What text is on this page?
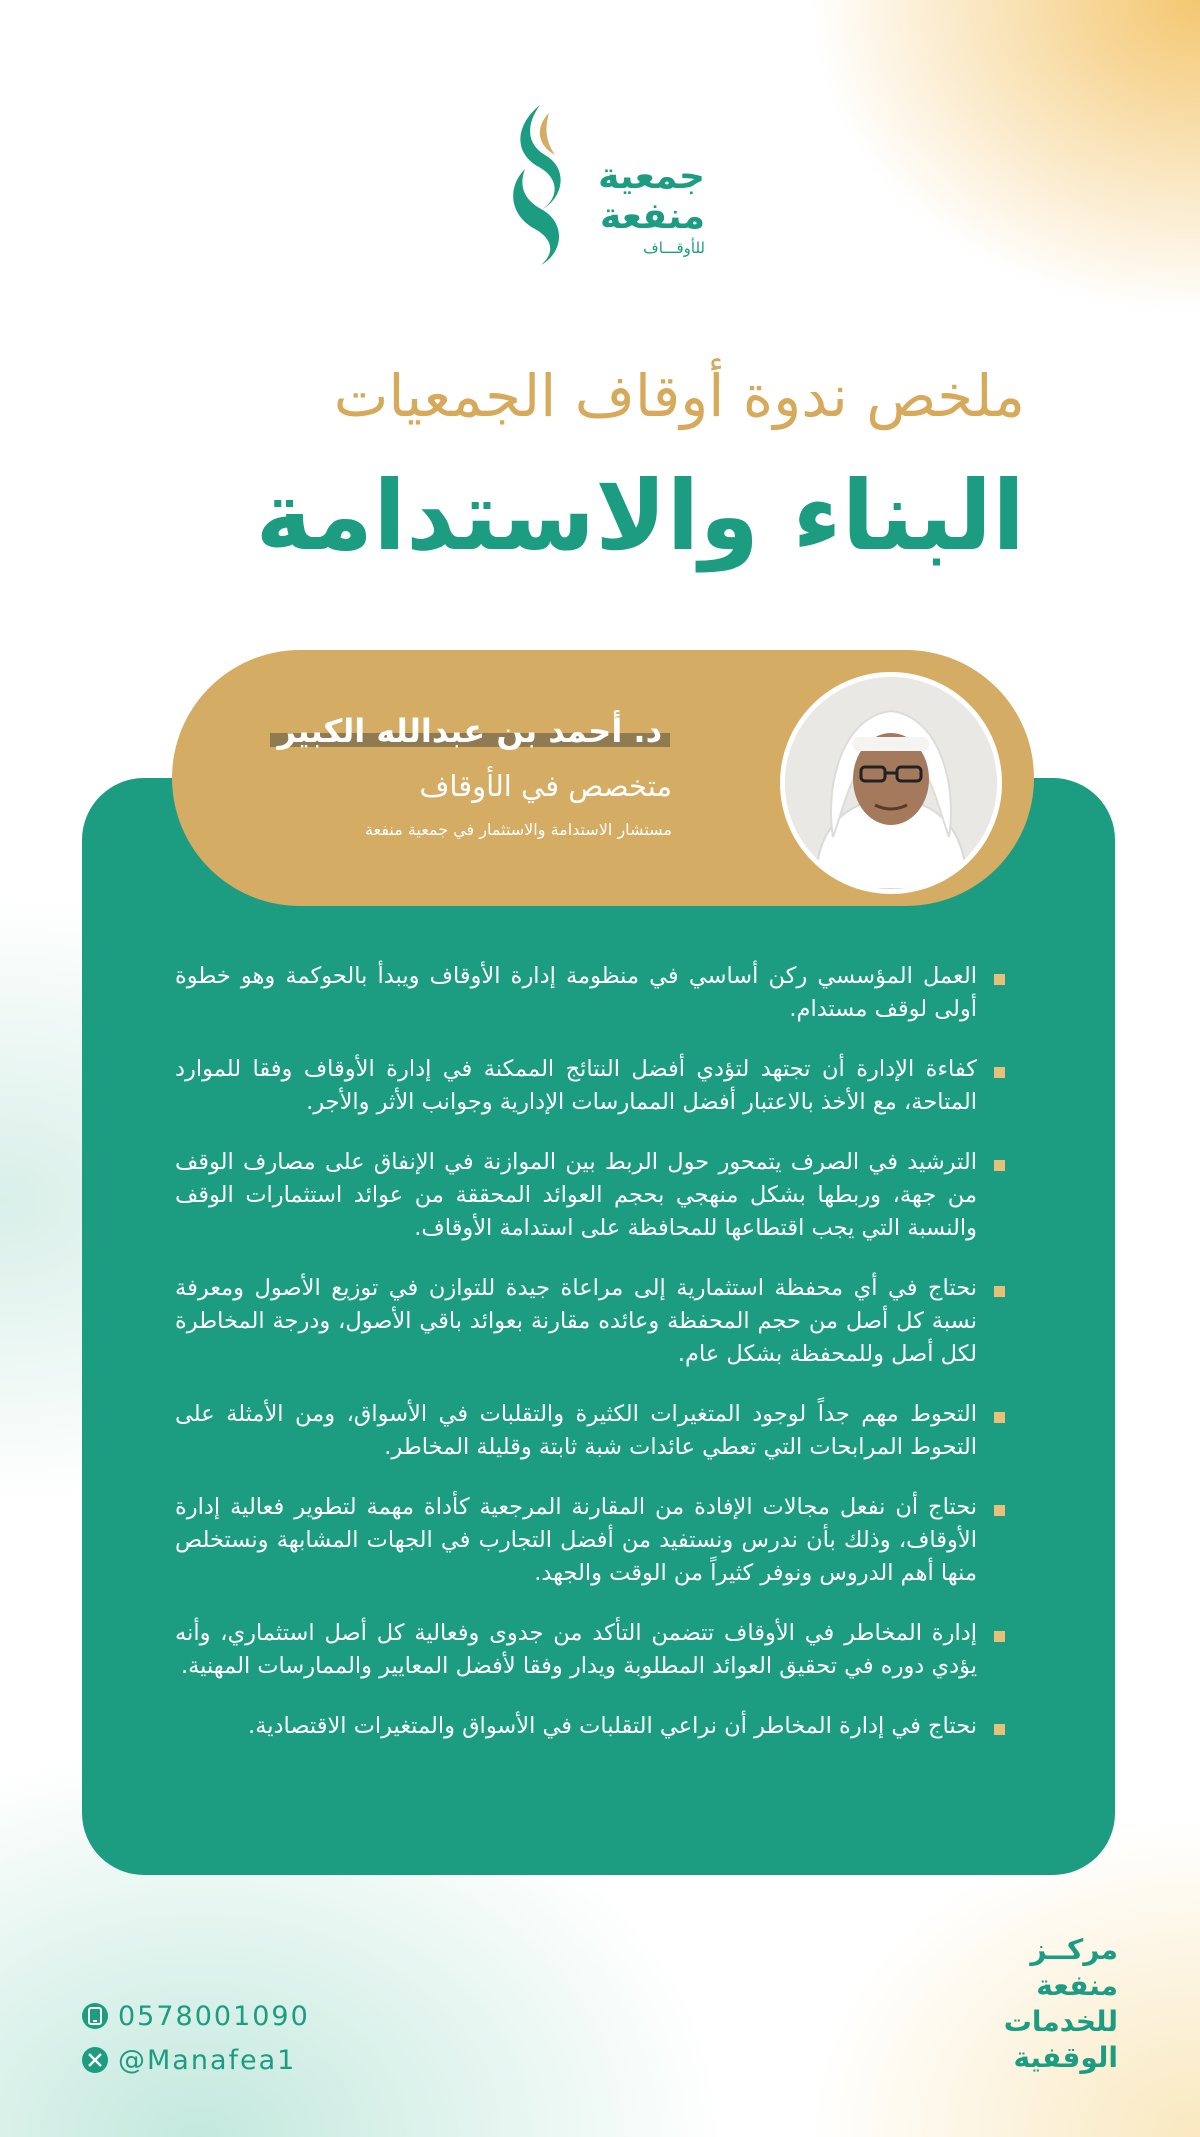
جمعية
منفعة
للأوقـــاف
ملخص ندوة أوقاف الجمعيات
البناء والاستدامة
د. أحمد بن عبدالله الكبير
متخصص في الأوقاف
مستشار الاستدامة والاستثمار في جمعية منفعة
العمل المؤسسي ركن أساسي في منظومة إدارة الأوقاف ويبدأ بالحوكمة وهو خطوة أولى لوقف مستدام.
كفاءة الإدارة أن تجتهد لتؤدي أفضل النتائج الممكنة في إدارة الأوقاف وفقا للموارد المتاحة، مع الأخذ بالاعتبار أفضل الممارسات الإدارية وجوانب الأثر والأجر.
الترشيد في الصرف يتمحور حول الربط بين الموازنة في الإنفاق على مصارف الوقف من جهة، وربطها بشكل منهجي بحجم العوائد المحققة من عوائد استثمارات الوقف والنسبة التي يجب اقتطاعها للمحافظة على استدامة الأوقاف.
نحتاج في أي محفظة استثمارية إلى مراعاة جيدة للتوازن في توزيع الأصول ومعرفة نسبة كل أصل من حجم المحفظة وعائده مقارنة بعوائد باقي الأصول، ودرجة المخاطرة لكل أصل وللمحفظة بشكل عام.
التحوط مهم جداً لوجود المتغيرات الكثيرة والتقلبات في الأسواق، ومن الأمثلة على التحوط المرابحات التي تعطي عائدات شبة ثابتة وقليلة المخاطر.
نحتاج أن نفعل مجالات الإفادة من المقارنة المرجعية كأداة مهمة لتطوير فعالية إدارة الأوقاف، وذلك بأن ندرس ونستفيد من أفضل التجارب في الجهات المشابهة ونستخلص منها أهم الدروس ونوفر كثيراً من الوقت والجهد.
إدارة المخاطر في الأوقاف تتضمن التأكد من جدوى وفعالية كل أصل استثماري، وأنه يؤدي دوره في تحقيق العوائد المطلوبة ويدار وفقا لأفضل المعايير والممارسات المهنية.
نحتاج في إدارة المخاطر أن نراعي التقلبات في الأسواق والمتغيرات الاقتصادية.
0578001090
@Manafea1
مركــز
منفعة
للخدمات
الوقفية
